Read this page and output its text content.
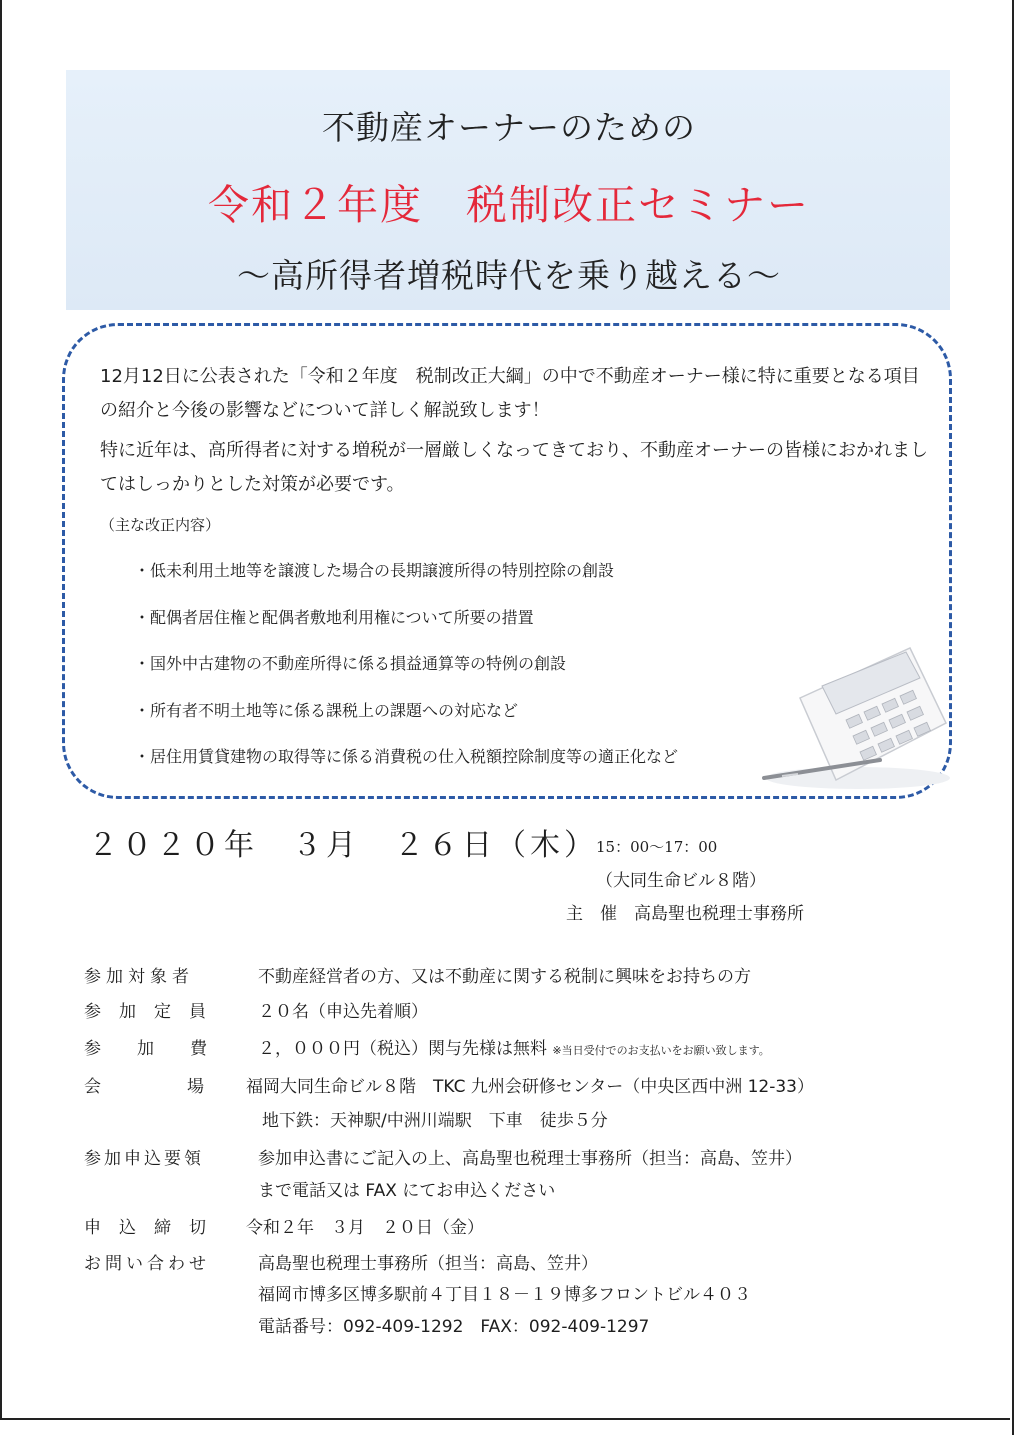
不動産オーナーのための
令和２年度　税制改正セミナー
～高所得者増税時代を乗り越える～
12月12日に公表された「令和２年度　税制改正大綱」の中で不動産オーナー様に特に重要となる項目の紹介と今後の影響などについて詳しく解説致します！
特に近年は、高所得者に対する増税が一層厳しくなってきており、不動産オーナーの皆様におかれましてはしっかりとした対策が必要です。
（主な改正内容）
・低未利用土地等を譲渡した場合の長期譲渡所得の特別控除の創設
・配偶者居住権と配偶者敷地利用権について所要の措置
・国外中古建物の不動産所得に係る損益通算等の特例の創設
・所有者不明土地等に係る課税上の課題への対応など
・居住用賃貸建物の取得等に係る消費税の仕入税額控除制度等の適正化など
２０２０年　３月　２６日（木）
15：00～17：00
（大同生命ビル８階）
主　催　高島聖也税理士事務所
参加対象者	不動産経営者の方、又は不動産に関する税制に興味をお持ちの方
参加定員 ２０名（申込先着順）
参加費 ２，０００円（税込）関与先様は無料 ※当日受付でのお支払いをお願い致します。
会場
福岡大同生命ビル８階　TKC 九州会研修センター（中央区西中洲 12-33）
地下鉄：天神駅/中洲川端駅　下車　徒歩５分
参加申込要領	参加申込書にご記入の上、高島聖也税理士事務所（担当：高島、笠井）
まで電話又は FAX にてお申込ください
申込締切 令和２年　３月　２０日（金）
お問い合わせ	高島聖也税理士事務所（担当：高島、笠井）
福岡市博多区博多駅前４丁目１８－１９博多フロントビル４０３
電話番号：092-409-1292　FAX：092-409-1297
